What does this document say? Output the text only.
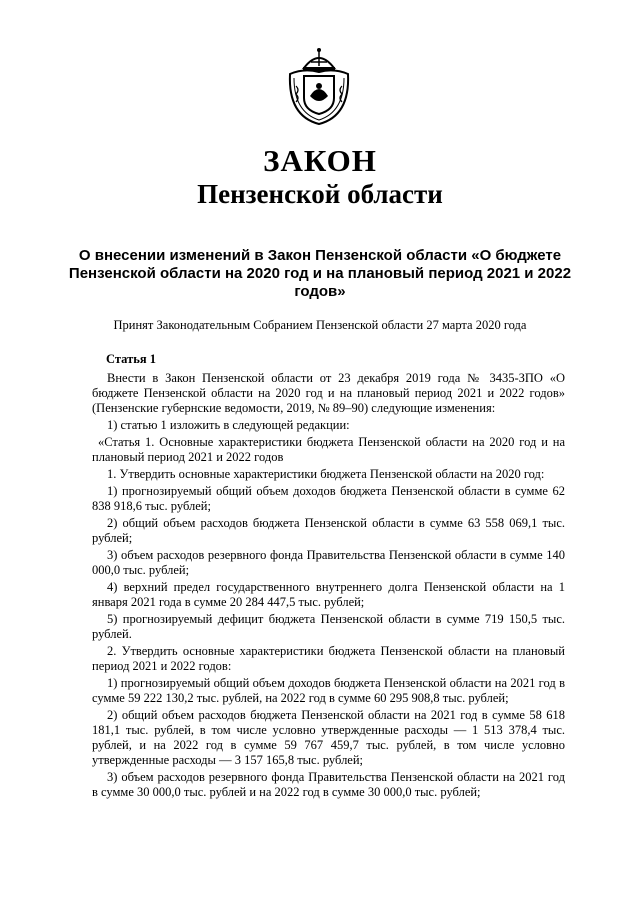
ЗАКОН
Пензенской области
О внесении изменений в Закон Пензенской области «О бюджете Пензенской области на 2020 год и на плановый период 2021 и 2022 годов»
Принят Законодательным Собранием Пензенской области 27 марта 2020 года
Статья 1

Внести в Закон Пензенской области от 23 декабря 2019 года № 3435-ЗПО «О бюджете Пензенской области на 2020 год и на плановый период 2021 и 2022 годов» (Пензенские губернские ведомости, 2019, № 89–90) следующие изменения:

1) статью 1 изложить в следующей редакции:

«Статья 1. Основные характеристики бюджета Пензенской области на 2020 год и на плановый период 2021 и 2022 годов

1. Утвердить основные характеристики бюджета Пензенской области на 2020 год:

1) прогнозируемый общий объем доходов бюджета Пензенской области в сумме 62 838 918,6 тыс. рублей;

2) общий объем расходов бюджета Пензенской области в сумме 63 558 069,1 тыс. рублей;

3) объем расходов резервного фонда Правительства Пензенской области в сумме 140 000,0 тыс. рублей;

4) верхний предел государственного внутреннего долга Пензенской области на 1 января 2021 года в сумме 20 284 447,5 тыс. рублей;

5) прогнозируемый дефицит бюджета Пензенской области в сумме 719 150,5 тыс. рублей.

2. Утвердить основные характеристики бюджета Пензенской области на плановый период 2021 и 2022 годов:

1) прогнозируемый общий объем доходов бюджета Пензенской области на 2021 год в сумме 59 222 130,2 тыс. рублей, на 2022 год в сумме 60 295 908,8 тыс. рублей;

2) общий объем расходов бюджета Пензенской области на 2021 год в сумме 58 618 181,1 тыс. рублей, в том числе условно утвержденные расходы — 1 513 378,4 тыс. рублей, и на 2022 год в сумме 59 767 459,7 тыс. рублей, в том числе условно утвержденные расходы — 3 157 165,8 тыс. рублей;

3) объем расходов резервного фонда Правительства Пензенской области на 2021 год в сумме 30 000,0 тыс. рублей и на 2022 год в сумме 30 000,0 тыс. рублей;
